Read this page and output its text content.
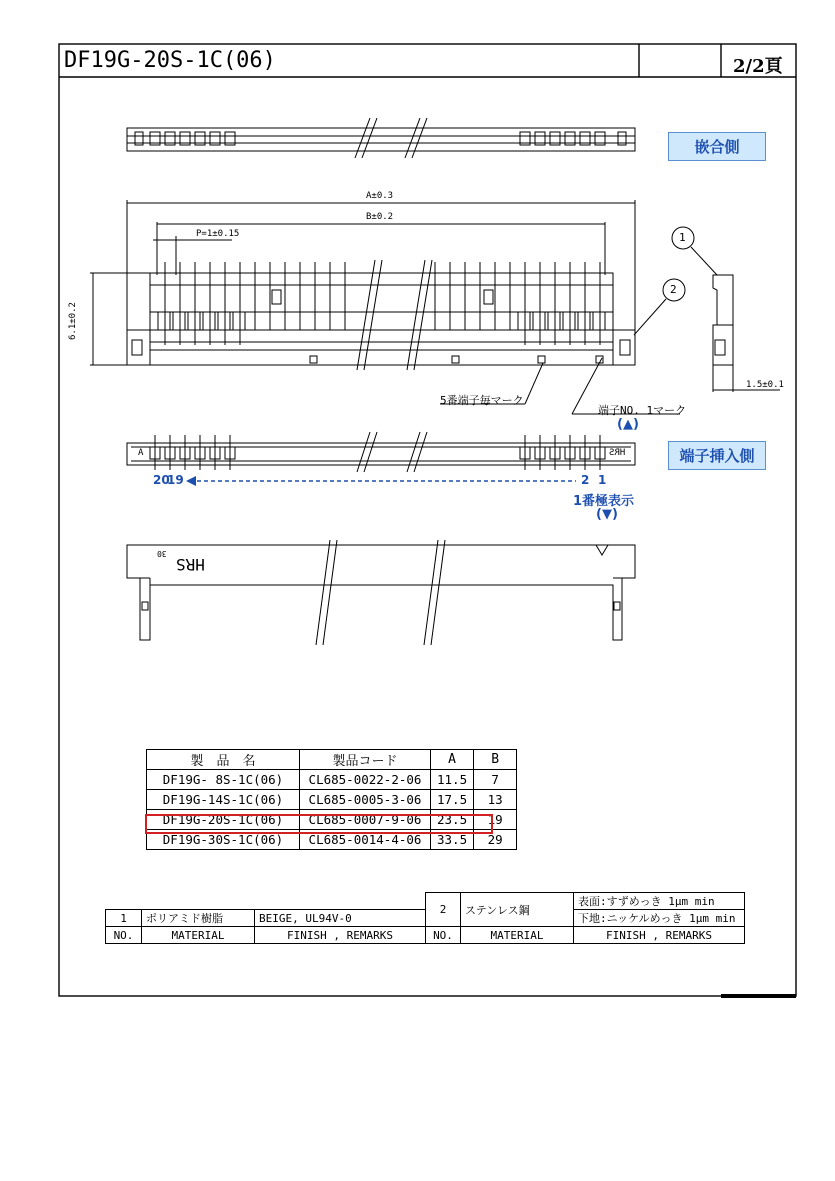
DF19G-20S-1C(06)	2/2頁
嵌合側
端子挿入側
A±0.3
B±0.2
P=1±0.15
6.1±0.2
1.5±0.1
1
2
5番端子毎マーク
端子NO. 1マーク
(▲)
A	HRS
20
19	2 1
1番極表示
(▼)
30
HRS
製　品　名	製品コード	A	B
DF19G- 8S-1C(06)	CL685-0022-2-06	11.5	7
DF19G-14S-1C(06)	CL685-0005-3-06	17.5	13
DF19G-20S-1C(06)	CL685-0007-9-06	23.5	19
DF19G-30S-1C(06)	CL685-0014-4-06	33.5	29
			2	ステンレス鋼	表面:すずめっき 1μm min
1	ポリアミド樹脂	BEIGE, UL94V-0			下地:ニッケルめっき 1μm min
NO.	MATERIAL	FINISH , REMARKS	NO.	MATERIAL	FINISH , REMARKS
